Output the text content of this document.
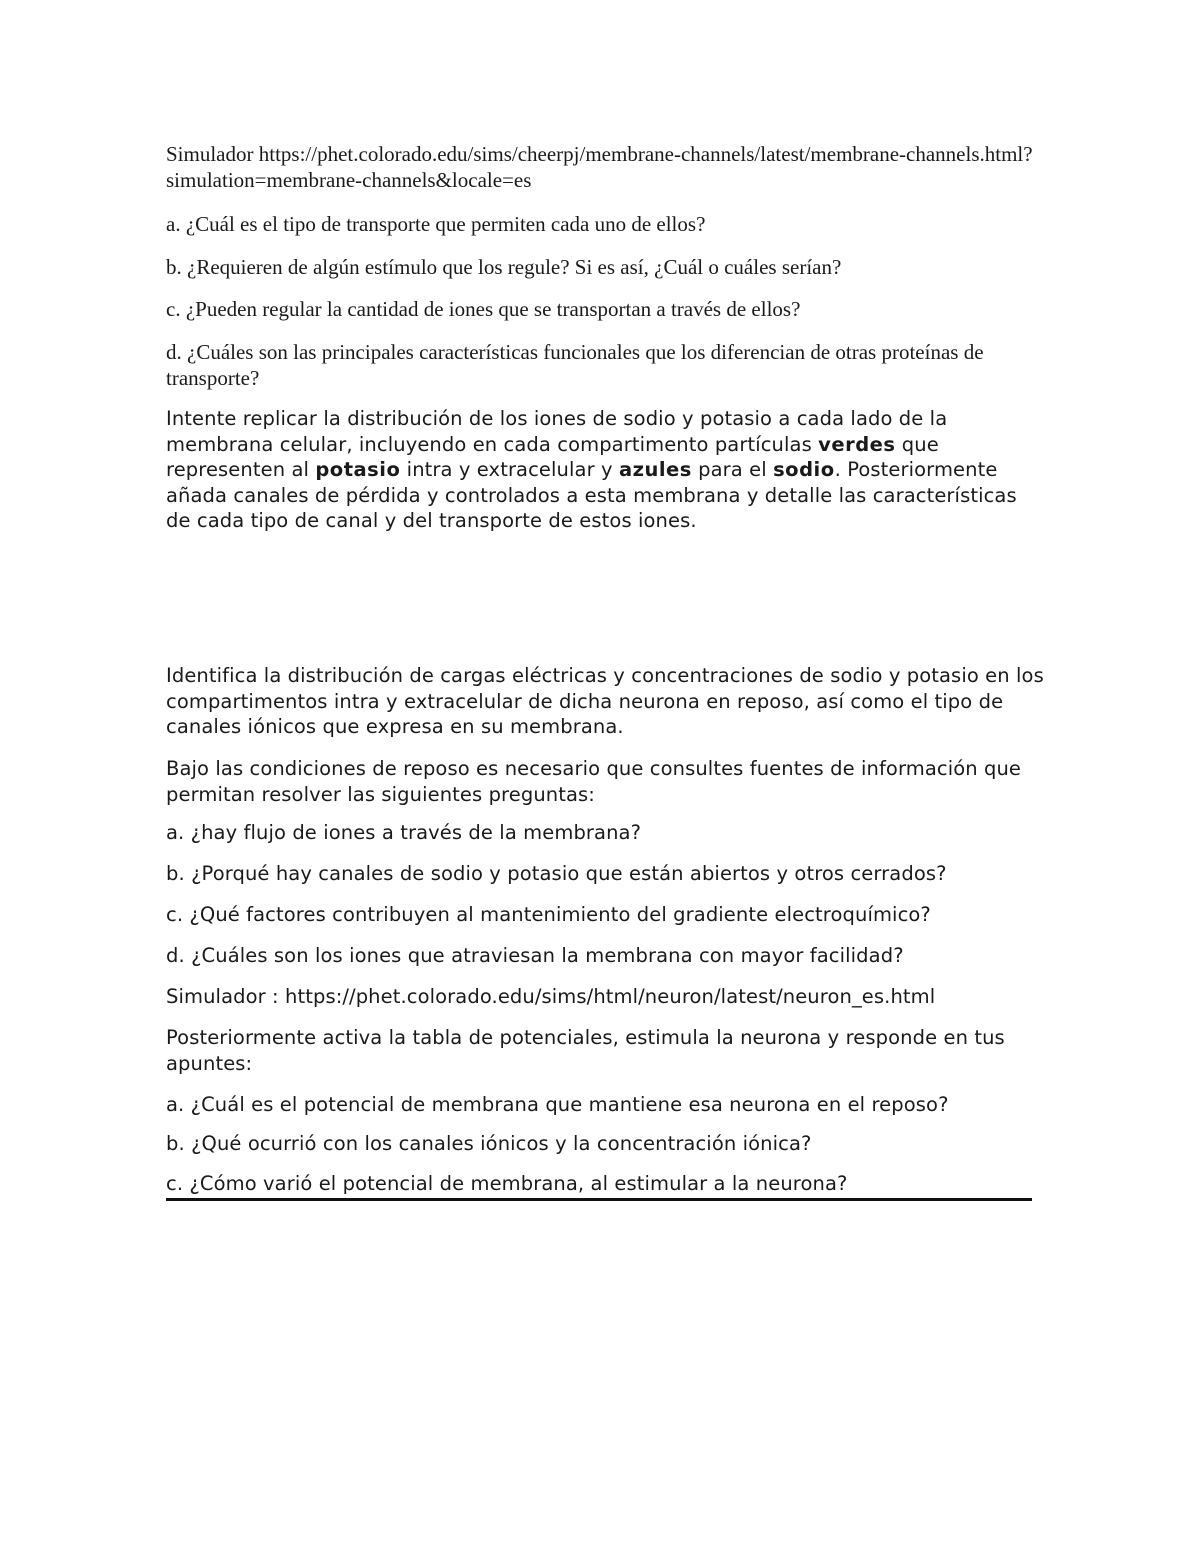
Simulador https://phet.colorado.edu/sims/cheerpj/membrane-channels/latest/membrane-channels.html?simulation=membrane-channels&locale=es

a. ¿Cuál es el tipo de transporte que permiten cada uno de ellos?

b. ¿Requieren de algún estímulo que los regule? Si es así, ¿Cuál o cuáles serían?

c. ¿Pueden regular la cantidad de iones que se transportan a través de ellos?

d. ¿Cuáles son las principales características funcionales que los diferencian de otras proteínas de transporte?

Intente replicar la distribución de los iones de sodio y potasio a cada lado de la membrana celular, incluyendo en cada compartimento partículas verdes que representen al potasio intra y extracelular y azules para el sodio. Posteriormente añada canales de pérdida y controlados a esta membrana y detalle las características de cada tipo de canal y del transporte de estos iones.

Identifica la distribución de cargas eléctricas y concentraciones de sodio y potasio en los compartimentos intra y extracelular de dicha neurona en reposo, así como el tipo de canales iónicos que expresa en su membrana.

Bajo las condiciones de reposo es necesario que consultes fuentes de información que permitan resolver las siguientes preguntas:

a. ¿hay flujo de iones a través de la membrana?

b. ¿Porqué hay canales de sodio y potasio que están abiertos y otros cerrados?

c. ¿Qué factores contribuyen al mantenimiento del gradiente electroquímico?

d. ¿Cuáles son los iones que atraviesan la membrana con mayor facilidad?

Simulador : https://phet.colorado.edu/sims/html/neuron/latest/neuron_es.html

Posteriormente activa la tabla de potenciales, estimula la neurona y responde en tus apuntes:

a. ¿Cuál es el potencial de membrana que mantiene esa neurona en el reposo?

b. ¿Qué ocurrió con los canales iónicos y la concentración iónica?

c. ¿Cómo varió el potencial de membrana, al estimular a la neurona?
